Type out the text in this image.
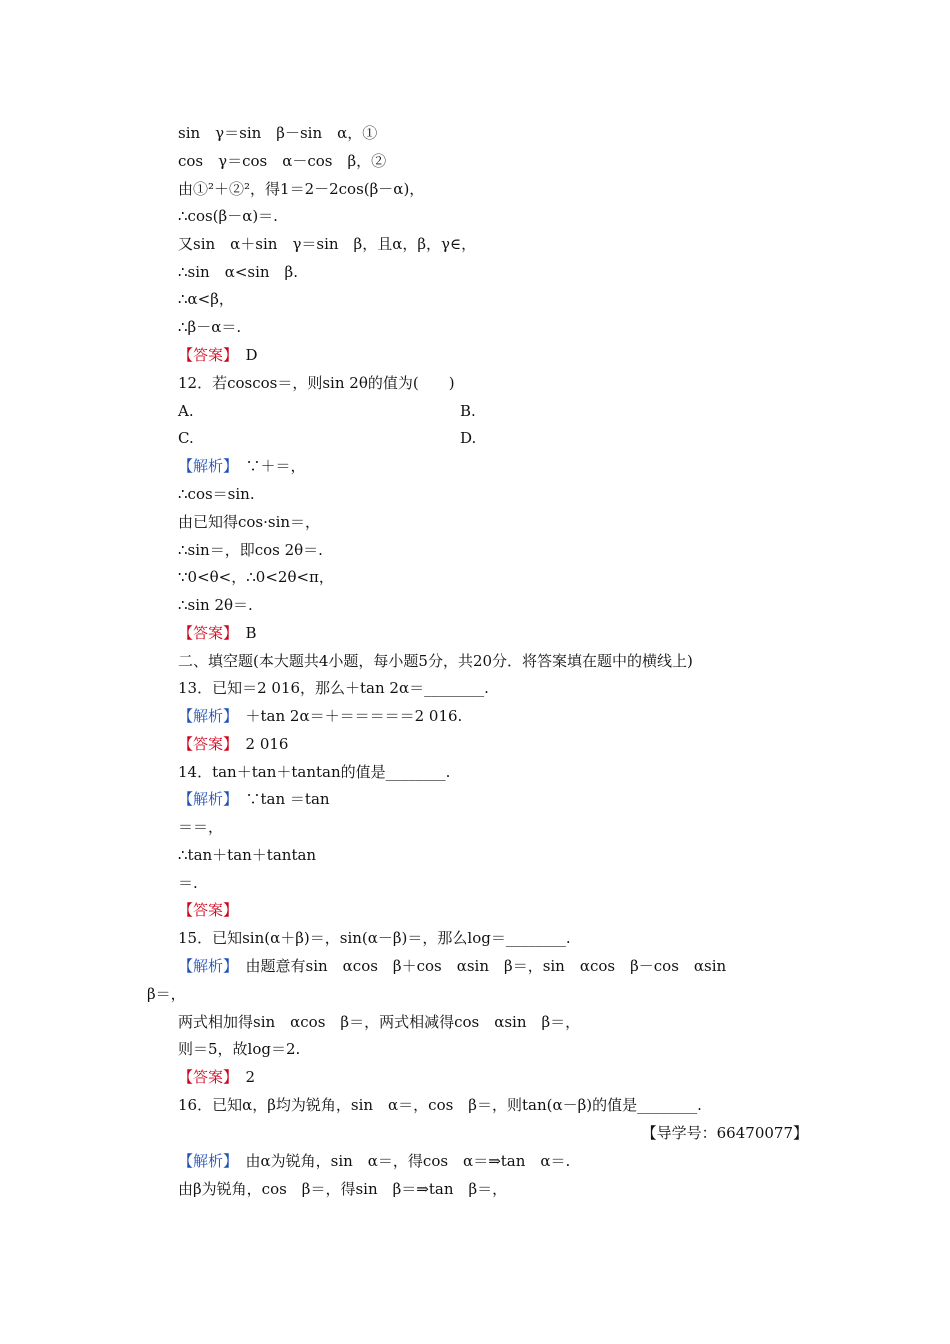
sin　γ＝sin　β－sin　α，①
cos　γ＝cos　α－cos　β，②
由①²＋②²，得1＝2－2cos(β－α)，
∴cos(β－α)＝.
又sin　α＋sin　γ＝sin　β，且α，β，γ∈，
∴sin　α<sin　β.
∴α<β，
∴β－α＝.
【答案】　D
12．若coscos＝，则sin 2θ的值为(　　)
A.	B.
C.	D.
【解析】　∵＋＝，
∴cos＝sin.
由已知得cos·sin＝，
∴sin＝，即cos 2θ＝.
∵0<θ<，∴0<2θ<π，
∴sin 2θ＝.
【答案】　B
二、填空题(本大题共4小题，每小题5分，共20分．将答案填在题中的横线上)
13．已知＝2 016，那么＋tan 2α＝________.
【解析】　＋tan 2α＝＋＝＝＝＝＝2 016.
【答案】　2 016
14．tan＋tan＋tantan的值是________.
【解析】　∵tan ＝tan
＝＝，
∴tan＋tan＋tantan
＝.
【答案】
15．已知sin(α＋β)＝，sin(α－β)＝，那么log＝________.
【解析】　由题意有sin　αcos　β＋cos　αsin　β＝，sin　αcos　β－cos　αsin
β＝，
两式相加得sin　αcos　β＝，两式相减得cos　αsin　β＝，
则＝5，故log＝2.
【答案】　2
16．已知α，β均为锐角，sin　α＝，cos　β＝，则tan(α－β)的值是________.
【导学号：66470077】
【解析】　由α为锐角，sin　α＝，得cos　α＝⇒tan　α＝.
由β为锐角，cos　β＝，得sin　β＝⇒tan　β＝，
